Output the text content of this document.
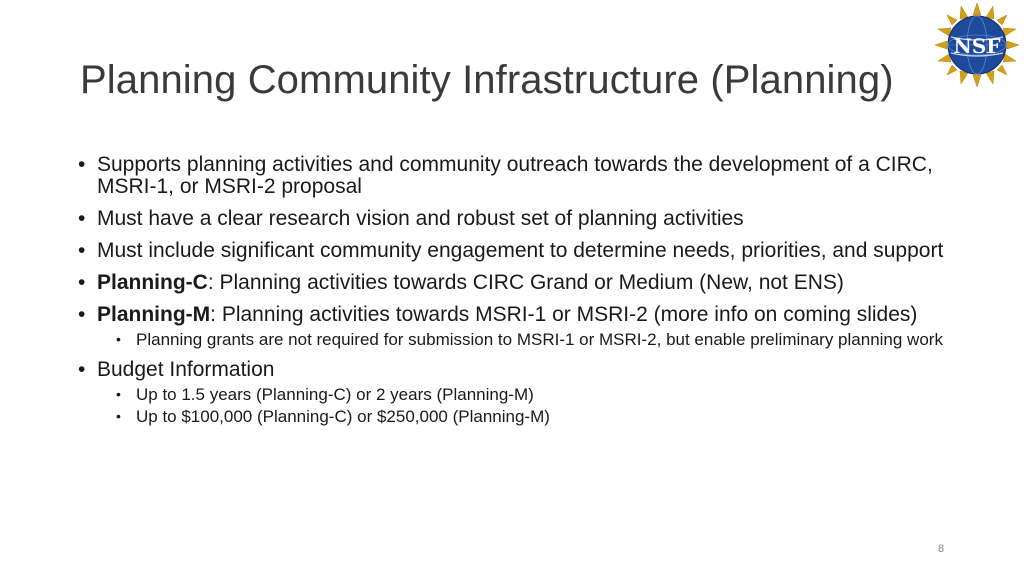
Planning Community Infrastructure (Planning)
NSF
• Supports planning activities and community outreach towards the development of a CIRC, MSRI-1, or MSRI-2 proposal
• Must have a clear research vision and robust set of planning activities
• Must include significant community engagement to determine needs, priorities, and support
• Planning-C: Planning activities towards CIRC Grand or Medium (New, not ENS)
• Planning-M: Planning activities towards MSRI-1 or MSRI-2 (more info on coming slides)
• Planning grants are not required for submission to MSRI-1 or MSRI-2, but enable preliminary planning work
• Budget Information
• Up to 1.5 years (Planning-C) or 2 years (Planning-M)
• Up to $100,000 (Planning-C) or $250,000 (Planning-M)
8
